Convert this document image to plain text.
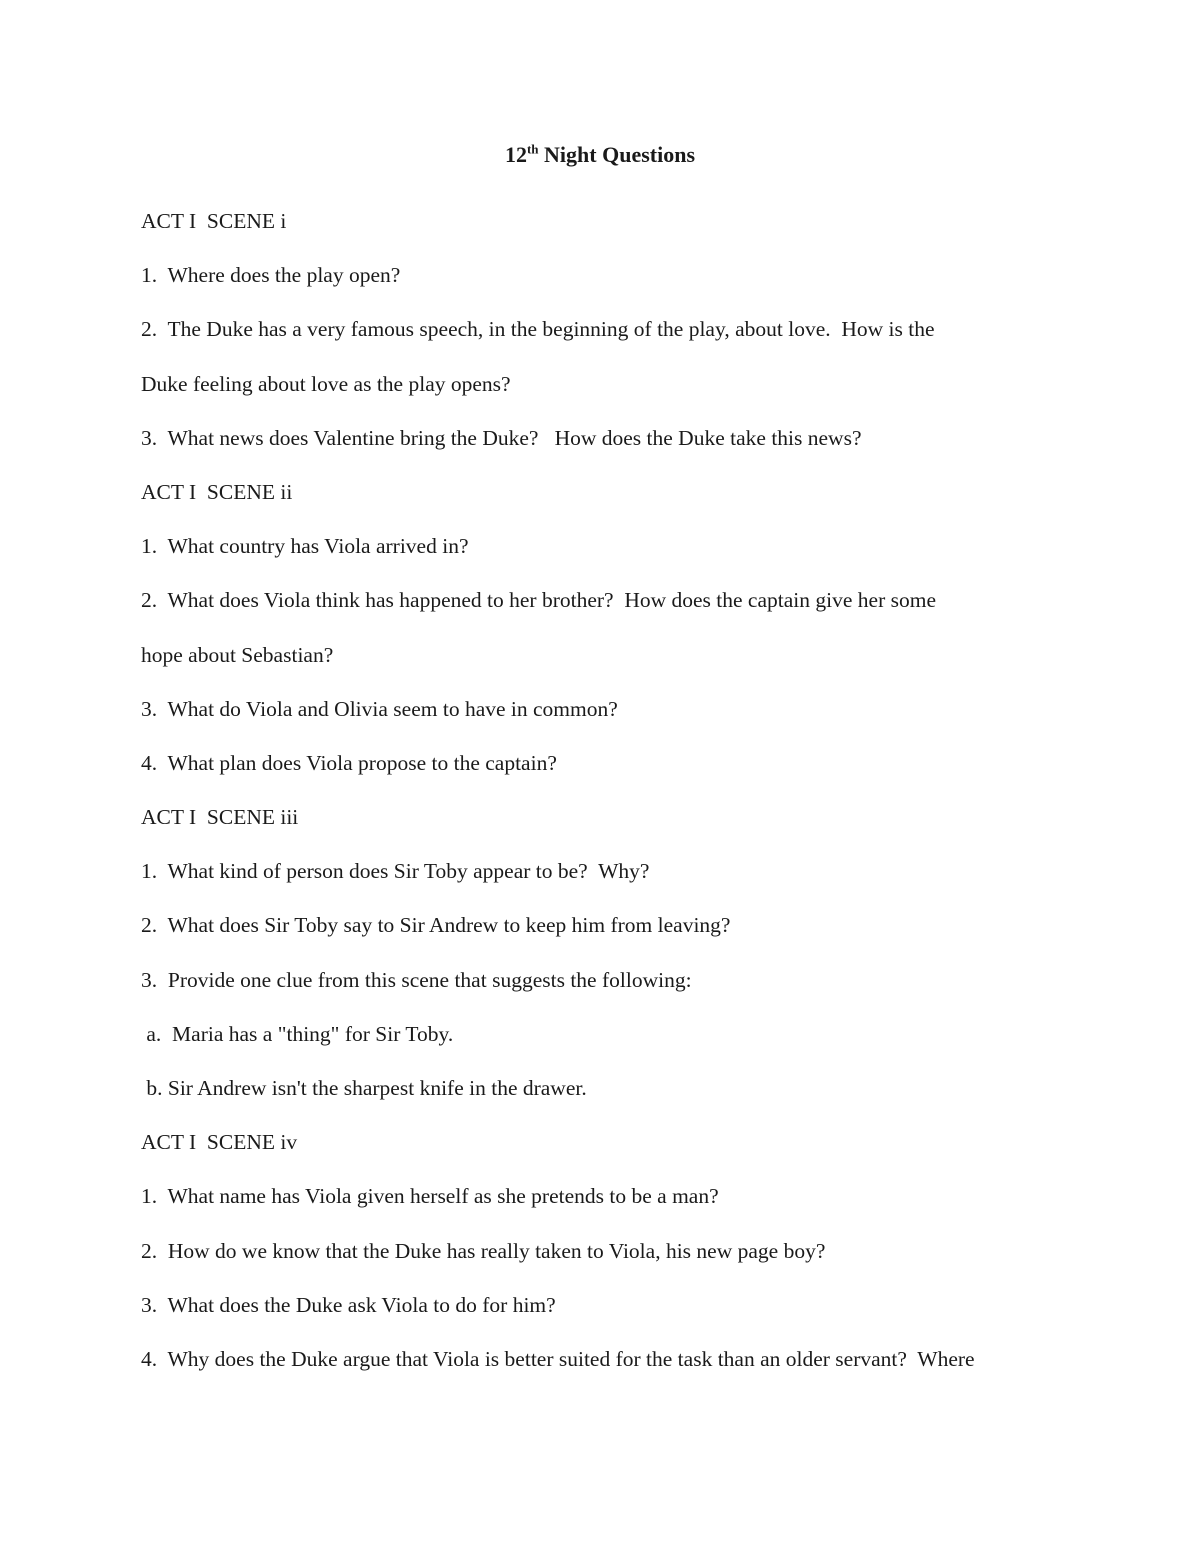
12th Night Questions
ACT I  SCENE i
1.  Where does the play open?
2.  The Duke has a very famous speech, in the beginning of the play, about love.  How is the
Duke feeling about love as the play opens?
3.  What news does Valentine bring the Duke?   How does the Duke take this news?
ACT I  SCENE ii
1.  What country has Viola arrived in?
2.  What does Viola think has happened to her brother?  How does the captain give her some
hope about Sebastian?
3.  What do Viola and Olivia seem to have in common?
4.  What plan does Viola propose to the captain?
ACT I  SCENE iii
1.  What kind of person does Sir Toby appear to be?  Why?
2.  What does Sir Toby say to Sir Andrew to keep him from leaving?
3.  Provide one clue from this scene that suggests the following:
a.  Maria has a "thing" for Sir Toby.
b. Sir Andrew isn't the sharpest knife in the drawer.
ACT I  SCENE iv
1.  What name has Viola given herself as she pretends to be a man?
2.  How do we know that the Duke has really taken to Viola, his new page boy?
3.  What does the Duke ask Viola to do for him?
4.  Why does the Duke argue that Viola is better suited for the task than an older servant?  Where
